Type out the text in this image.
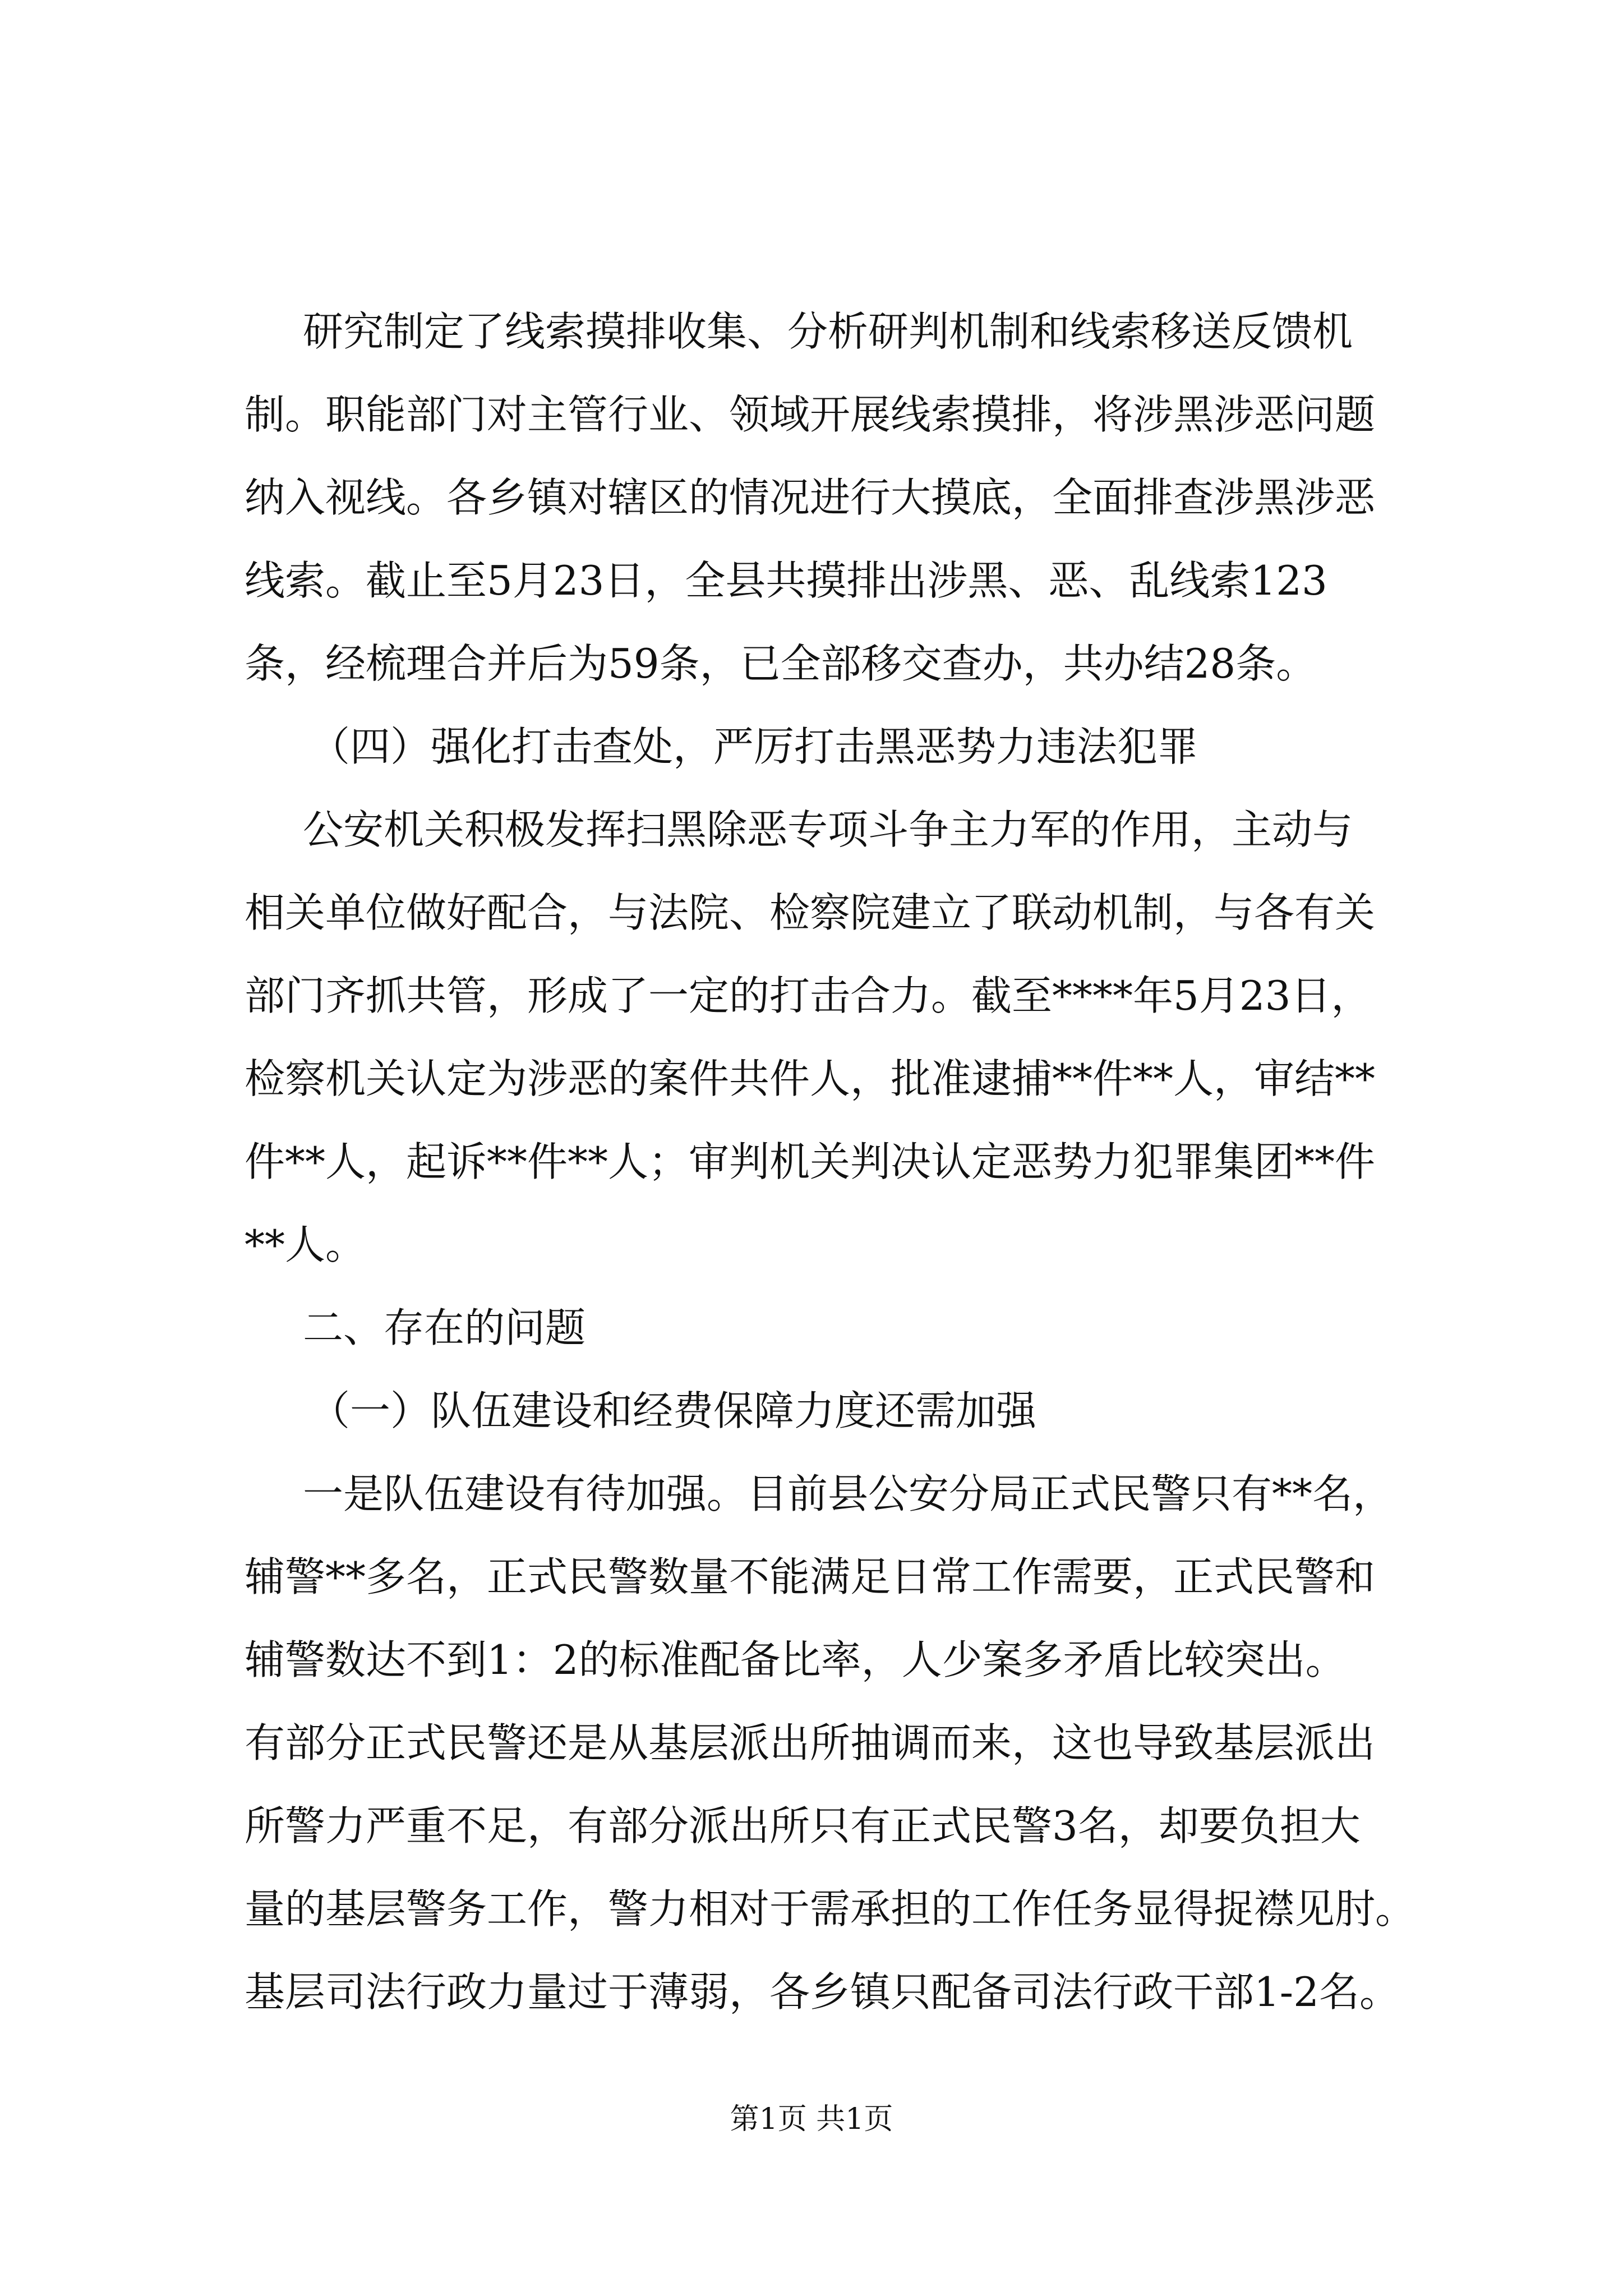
研究制定了线索摸排收集、分析研判机制和线索移送反馈机
制。职能部门对主管行业、领域开展线索摸排，将涉黑涉恶问题
纳入视线。各乡镇对辖区的情况进行大摸底，全面排查涉黑涉恶
线索。截止至5月23日，全县共摸排出涉黑、恶、乱线索123
条，经梳理合并后为59条，已全部移交查办，共办结28条。
（四）强化打击查处，严厉打击黑恶势力违法犯罪
公安机关积极发挥扫黑除恶专项斗争主力军的作用，主动与
相关单位做好配合，与法院、检察院建立了联动机制，与各有关
部门齐抓共管，形成了一定的打击合力。截至****年5月23日，
检察机关认定为涉恶的案件共件人，批准逮捕**件**人，审结**
件**人，起诉**件**人；审判机关判决认定恶势力犯罪集团**件
**人。
二、存在的问题
（一）队伍建设和经费保障力度还需加强
一是队伍建设有待加强。目前县公安分局正式民警只有**名，
辅警**多名，正式民警数量不能满足日常工作需要，正式民警和
辅警数达不到1：2的标准配备比率，人少案多矛盾比较突出。
有部分正式民警还是从基层派出所抽调而来，这也导致基层派出
所警力严重不足，有部分派出所只有正式民警3名，却要负担大
量的基层警务工作，警力相对于需承担的工作任务显得捉襟见肘。
基层司法行政力量过于薄弱，各乡镇只配备司法行政干部1-2名。
第1页 共1页
